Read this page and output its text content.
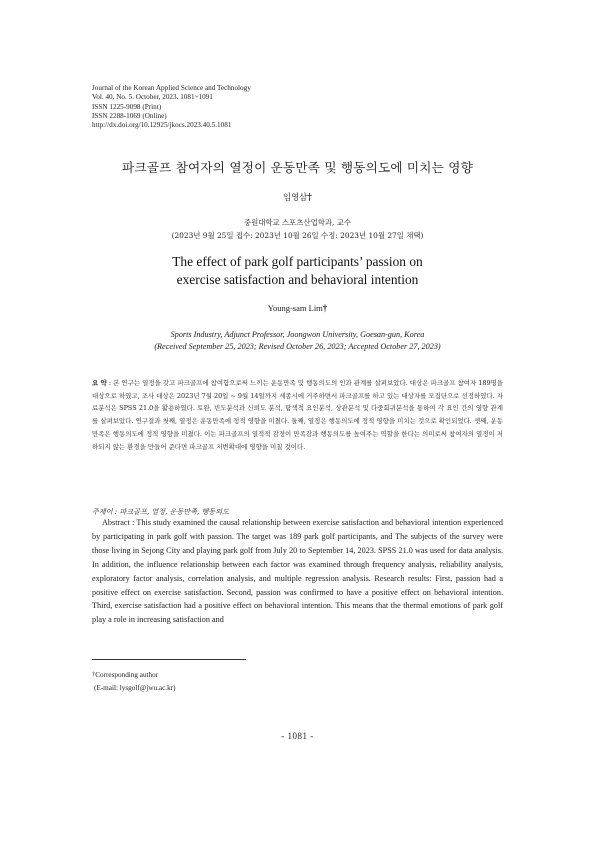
Journal of the Korean Applied Science and Technology
Vol. 40, No. 5. October, 2023. 1081~1091
ISSN 1225-9098 (Print)
ISSN 2288-1069 (Online)
http://dx.doi.org/10.12925/jkocs.2023.40.5.1081
파크골프 참여자의 열정이 운동만족 및 행동의도에 미치는 영향
임영삼†
중원대학교 스포츠산업학과, 교수
(2023년 9월 25일 접수: 2023년 10월 26일 수정: 2023년 10월 27일 채택)
The effect of park golf participants’ passion on
exercise satisfaction and behavioral intention
Young-sam Lim†
Sports Industry, Adjunct Professor, Joongwon University, Goesan-gun, Korea
(Received September 25, 2023; Revised October 26, 2023; Accepted October 27, 2023)
요 약 : 본 연구는 열정을 갖고 파크골프에 참여함으로써 느끼는 운동만족 및 행동의도의 인과 관계를 살펴보았다. 대상은 파크골프 참여자 189명을 대상으로 하였고, 조사 대상은 2023년 7월 20일 ~ 9월 14일까지 세종시에 거주하면서 파크골프를 하고 있는 대상자를 모집단으로 선정하였다. 자료분석은 SPSS 21.0을 활용하였다. 토완, 빈도분석과 신뢰도 분석, 탐색적 요인분석, 상관분석 및 다중회귀분석을 통하여 각 요인 간의 영향 관계를 살펴보았다. 연구결과 첫째, 열정은 운동만족에 정적 영향을 미쳤다. 둘째, 열정은 행동의도에 정적 영향을 미치는 것으로 확인되었다. 셋째, 운동만족은 행동의도에 정적 영향을 미쳤다. 이는 파크골프의 열적적 감정이 만족감과 행동의도를 높여주는 역할을 한다는 의미로써 참여자의 열정이 저하되지 않는 환경을 만들어 준다면 파크골프 저변확대에 영향을 미칠 것이다.
주제어 : 파크골프, 열정, 운동만족, 행동의도
Abstract : This study examined the causal relationship between exercise satisfaction and behavioral intention experienced by participating in park golf with passion. The target was 189 park golf participants, and The subjects of the survey were those living in Sejong City and playing park golf from July 20 to September 14, 2023. SPSS 21.0 was used for data analysis. In addition, the influence relationship between each factor was examined through frequency analysis, reliability analysis, exploratory factor analysis, correlation analysis, and multiple regression analysis. Research results: First, passion had a positive effect on exercise satisfaction. Second, passion was confirmed to have a positive effect on behavioral intention. Third, exercise satisfaction had a positive effect on behavioral intention. This means that the thermal emotions of park golf play a role in increasing satisfaction and
†Corresponding author
(E-mail: lysgolf@jwu.ac.kr)
- 1081 -
